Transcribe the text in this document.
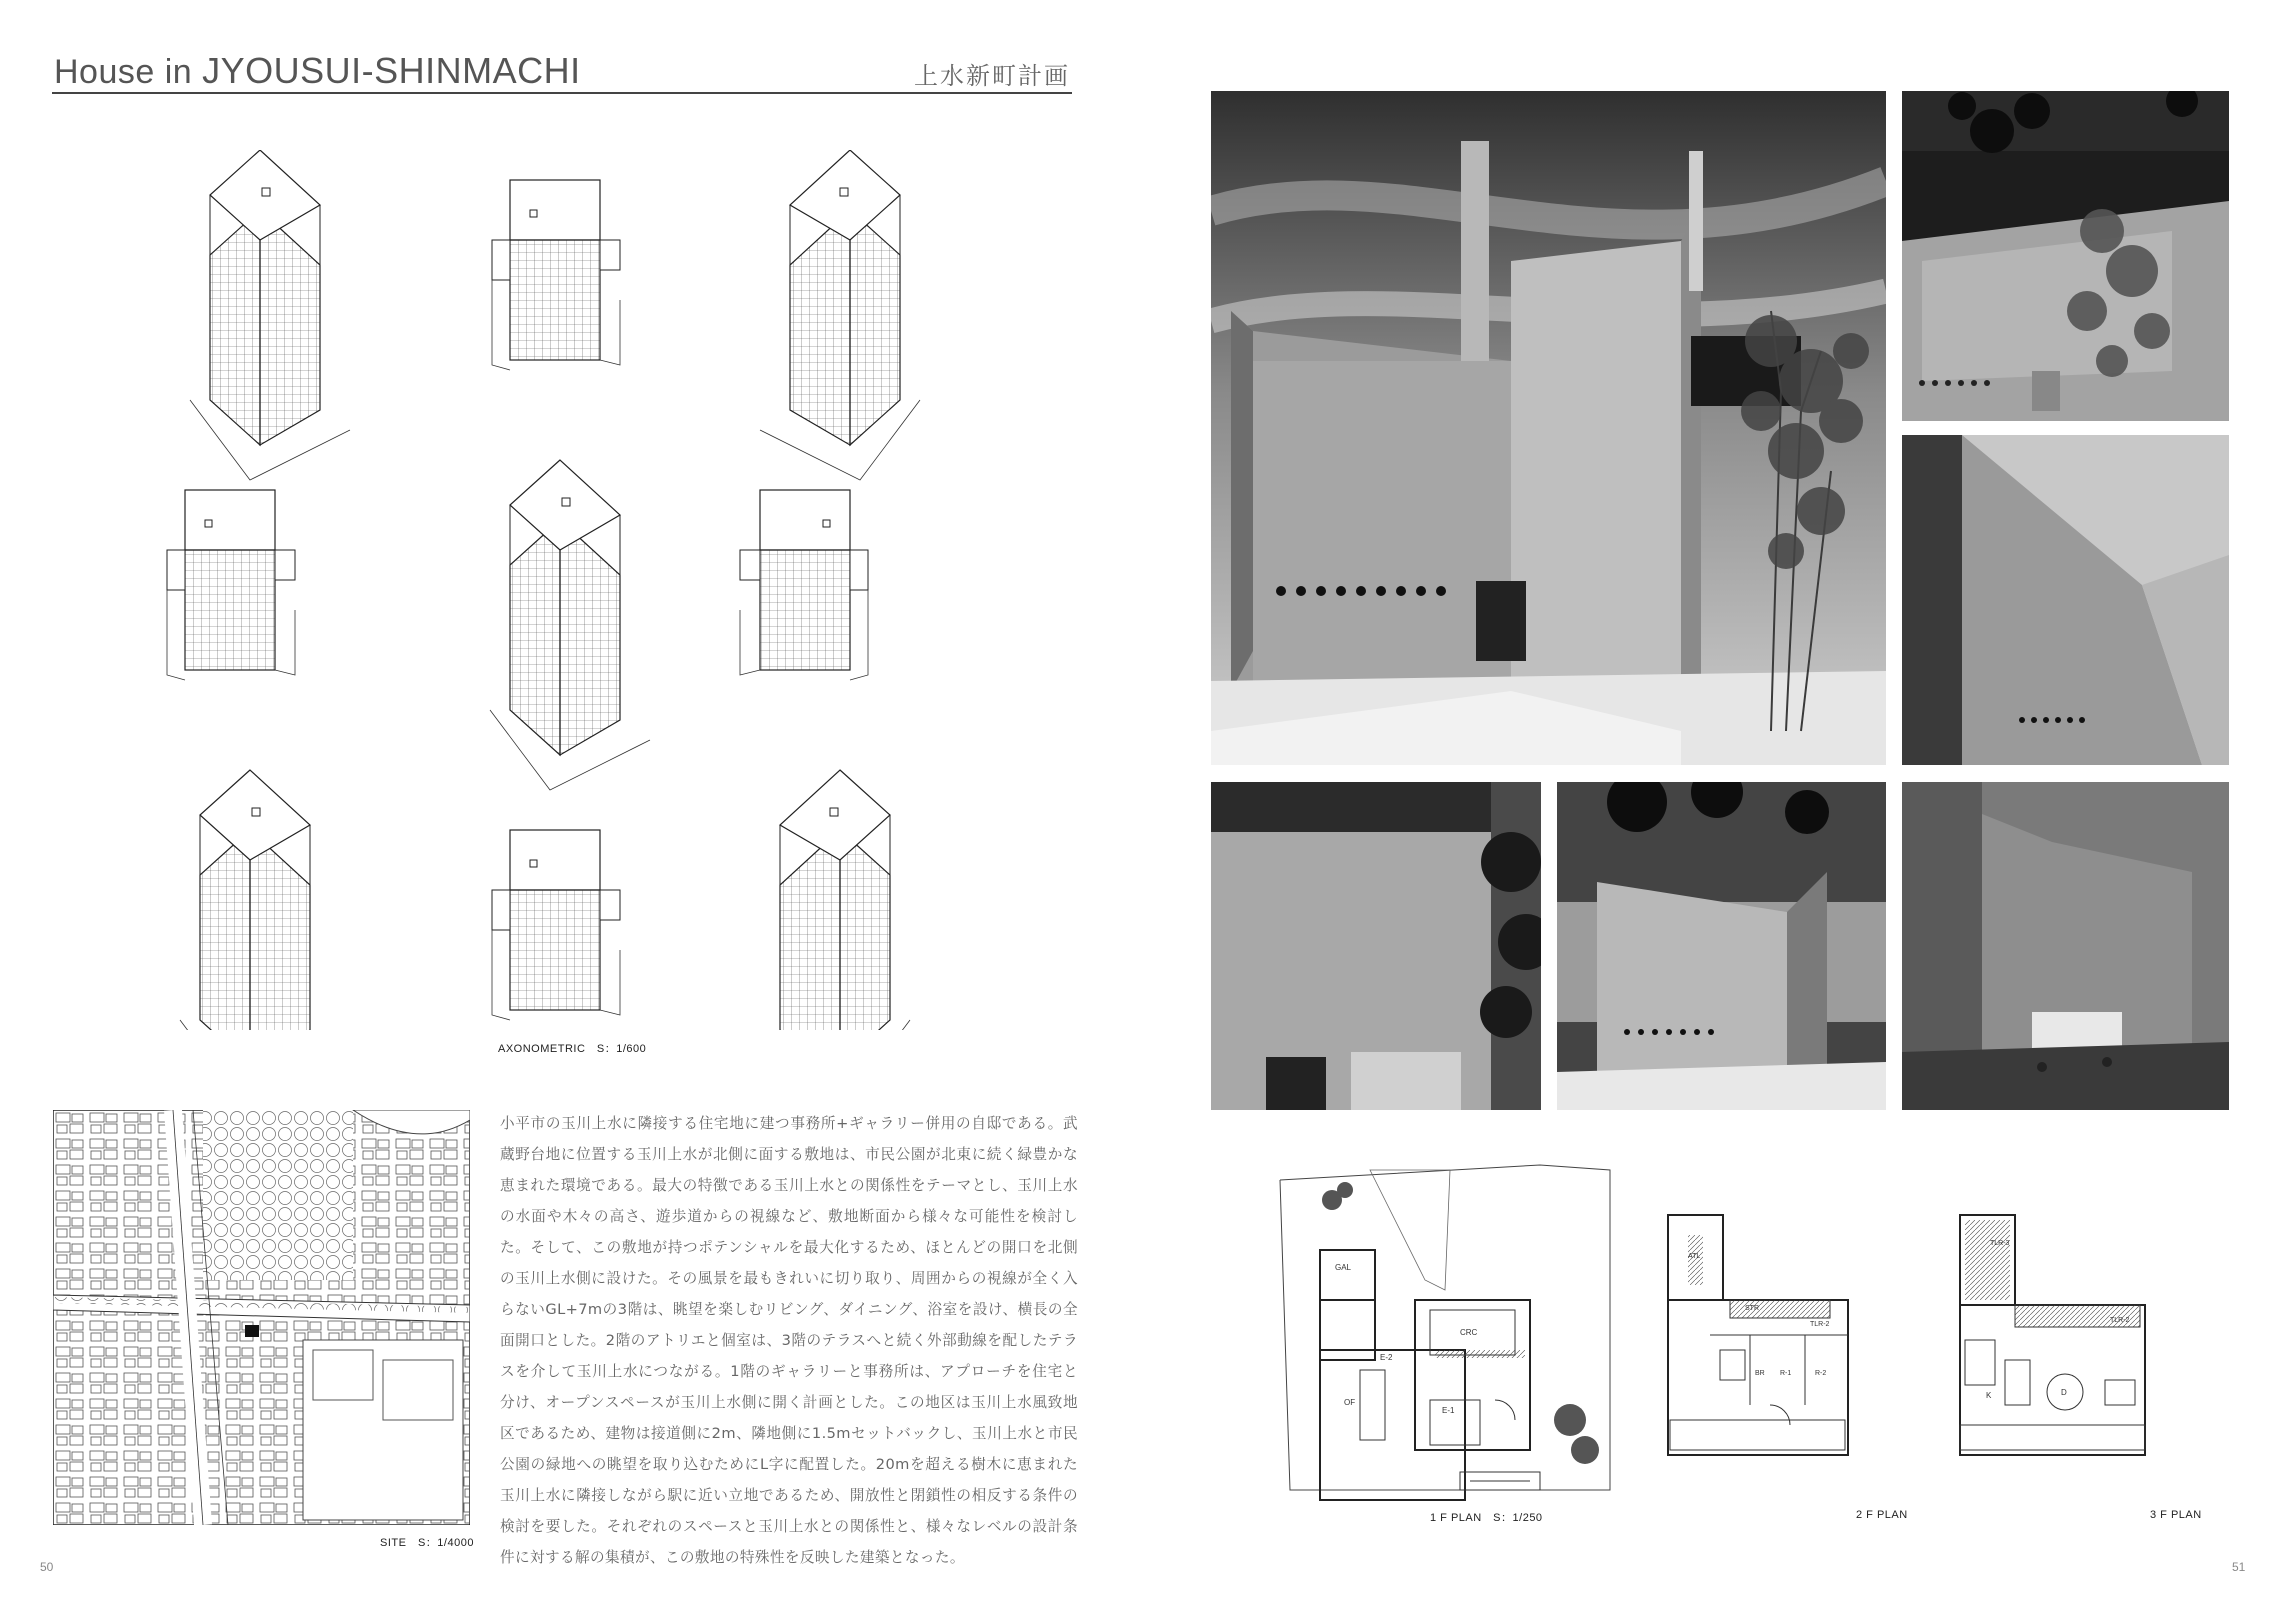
House in JYOUSUI-SHINMACHI	上水新町計画
AXONOMETRIC　S：1/600
SITE　S：1/4000
小平市の玉川上水に隣接する住宅地に建つ事務所+ギャラリー併用の自邸である。武蔵野台地に位置する玉川上水が北側に面する敷地は、市民公園が北東に続く緑豊かな恵まれた環境である。最大の特徴である玉川上水との関係性をテーマとし、玉川上水の水面や木々の高さ、遊歩道からの視線など、敷地断面から様々な可能性を検討した。そして、この敷地が持つポテンシャルを最大化するため、ほとんどの開口を北側の玉川上水側に設けた。その風景を最もきれいに切り取り、周囲からの視線が全く入らないGL+7mの3階は、眺望を楽しむリビング、ダイニング、浴室を設け、横長の全面開口とした。2階のアトリエと個室は、3階のテラスへと続く外部動線を配したテラスを介して玉川上水につながる。1階のギャラリーと事務所は、アプローチを住宅と分け、オープンスペースが玉川上水側に開く計画とした。この地区は玉川上水風致地区であるため、建物は接道側に2m、隣地側に1.5mセットバックし、玉川上水と市民公園の緑地への眺望を取り込むためにL字に配置した。20mを超える樹木に恵まれた玉川上水に隣接しながら駅に近い立地であるため、開放性と閉鎖性の相反する条件の検討を要した。それぞれのスペースと玉川上水との関係性と、様々なレベルの設計条件に対する解の集積が、この敷地の特殊性を反映した建築となった。
50
GAL
E-2
CRC
OF
E-1
ATL
STR
TLR-2
BR R-1	R-2
TLR-3
TLR-2
K	D
1 F PLAN　S：1/250	2 F PLAN	3 F PLAN
51
